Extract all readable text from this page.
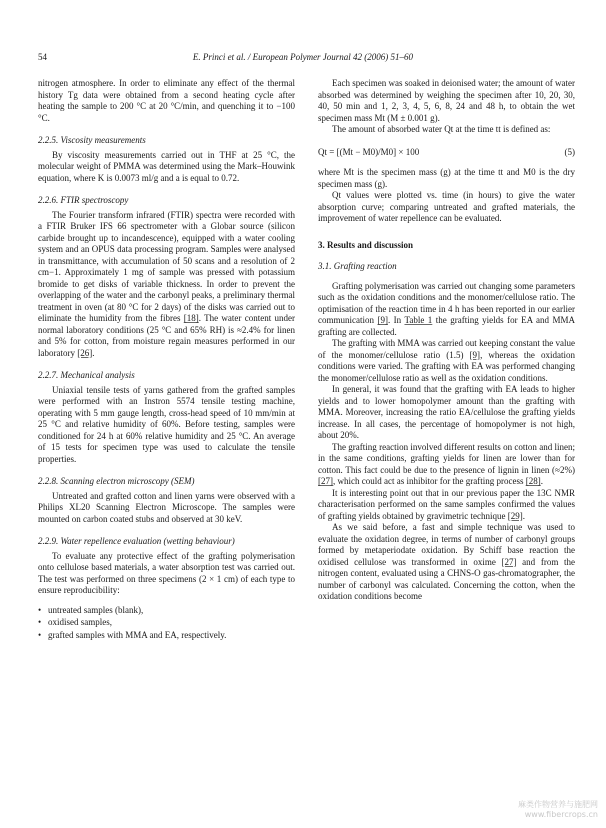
54	E. Princi et al. / European Polymer Journal 42 (2006) 51–60

nitrogen atmosphere. In order to eliminate any effect of the thermal history Tg data were obtained from a second heating cycle after heating the sample to 200 °C at 20 °C/min, and quenching it to −100 °C.

2.2.5. Viscosity measurements

By viscosity measurements carried out in THF at 25 °C, the molecular weight of PMMA was determined using the Mark–Houwink equation, where K is 0.0073 ml/g and a is equal to 0.72.

2.2.6. FTIR spectroscopy

The Fourier transform infrared (FTIR) spectra were recorded with a FTIR Bruker IFS 66 spectrometer with a Globar source (silicon carbide brought up to incandescence), equipped with a water cooling system and an OPUS data processing program. Samples were analysed in transmittance, with accumulation of 50 scans and a resolution of 2 cm−1. Approximately 1 mg of sample was pressed with potassium bromide to get disks of variable thickness. In order to prevent the overlapping of the water and the carbonyl peaks, a preliminary thermal treatment in oven (at 80 °C for 2 days) of the disks was carried out to eliminate the humidity from the fibres [18]. The water content under normal laboratory conditions (25 °C and 65% RH) is ≈2.4% for linen and 5% for cotton, from moisture regain measures performed in our laboratory [26].

2.2.7. Mechanical analysis

Uniaxial tensile tests of yarns gathered from the grafted samples were performed with an Instron 5574 tensile testing machine, operating with 5 mm gauge length, cross-head speed of 10 mm/min at 25 °C and relative humidity of 60%. Before testing, samples were conditioned for 24 h at 60% relative humidity and 25 °C. An average of 15 tests for specimen type was used to calculate the tensile properties.

2.2.8. Scanning electron microscopy (SEM)

Untreated and grafted cotton and linen yarns were observed with a Philips XL20 Scanning Electron Microscope. The samples were mounted on carbon coated stubs and observed at 30 keV.

2.2.9. Water repellence evaluation (wetting behaviour)

To evaluate any protective effect of the grafting polymerisation onto cellulose based materials, a water absorption test was carried out. The test was performed on three specimens (2 × 1 cm) of each type to ensure reproducibility:

• untreated samples (blank),
• oxidised samples,
• grafted samples with MMA and EA, respectively.

Each specimen was soaked in deionised water; the amount of water absorbed was determined by weighing the specimen after 10, 20, 30, 40, 50 min and 1, 2, 3, 4, 5, 6, 8, 24 and 48 h, to obtain the wet specimen mass Mt (M ± 0.001 g).

The amount of absorbed water Qt at the time tt is defined as:

Qt = [(Mt − M0)/M0] × 100	(5)

where Mt is the specimen mass (g) at the time tt and M0 is the dry specimen mass (g).

Qt values were plotted vs. time (in hours) to give the water absorption curve; comparing untreated and grafted materials, the improvement of water repellence can be evaluated.

3. Results and discussion
3.1. Grafting reaction

Grafting polymerisation was carried out changing some parameters such as the oxidation conditions and the monomer/cellulose ratio. The optimisation of the reaction time in 4 h has been reported in our earlier communication [9]. In Table 1 the grafting yields for EA and MMA grafting are collected.

The grafting with MMA was carried out keeping constant the value of the monomer/cellulose ratio (1.5) [9], whereas the oxidation conditions were varied. The grafting with EA was performed changing the monomer/cellulose ratio as well as the oxidation conditions.

In general, it was found that the grafting with EA leads to higher yields and to lower homopolymer amount than the grafting with MMA. Moreover, increasing the ratio EA/cellulose the grafting yields increase. In all cases, the percentage of homopolymer is not high, about 20%.

The grafting reaction involved different results on cotton and linen; in the same conditions, grafting yields for linen are lower than for cotton. This fact could be due to the presence of lignin in linen (≈2%) [27], which could act as inhibitor for the grafting process [28].

It is interesting point out that in our previous paper the 13C NMR characterisation performed on the same samples confirmed the values of grafting yields obtained by gravimetric technique [29].

As we said before, a fast and simple technique was used to evaluate the oxidation degree, in terms of number of carbonyl groups formed by metaperiodate oxidation. By Schiff base reaction the oxidised cellulose was transformed in oxime [27] and from the nitrogen content, evaluated using a CHNS-O gas-chromatographer, the number of carbonyl was calculated. Concerning the cotton, when the oxidation conditions become

麻类作物营养与施肥网
www.fibercrops.cn
